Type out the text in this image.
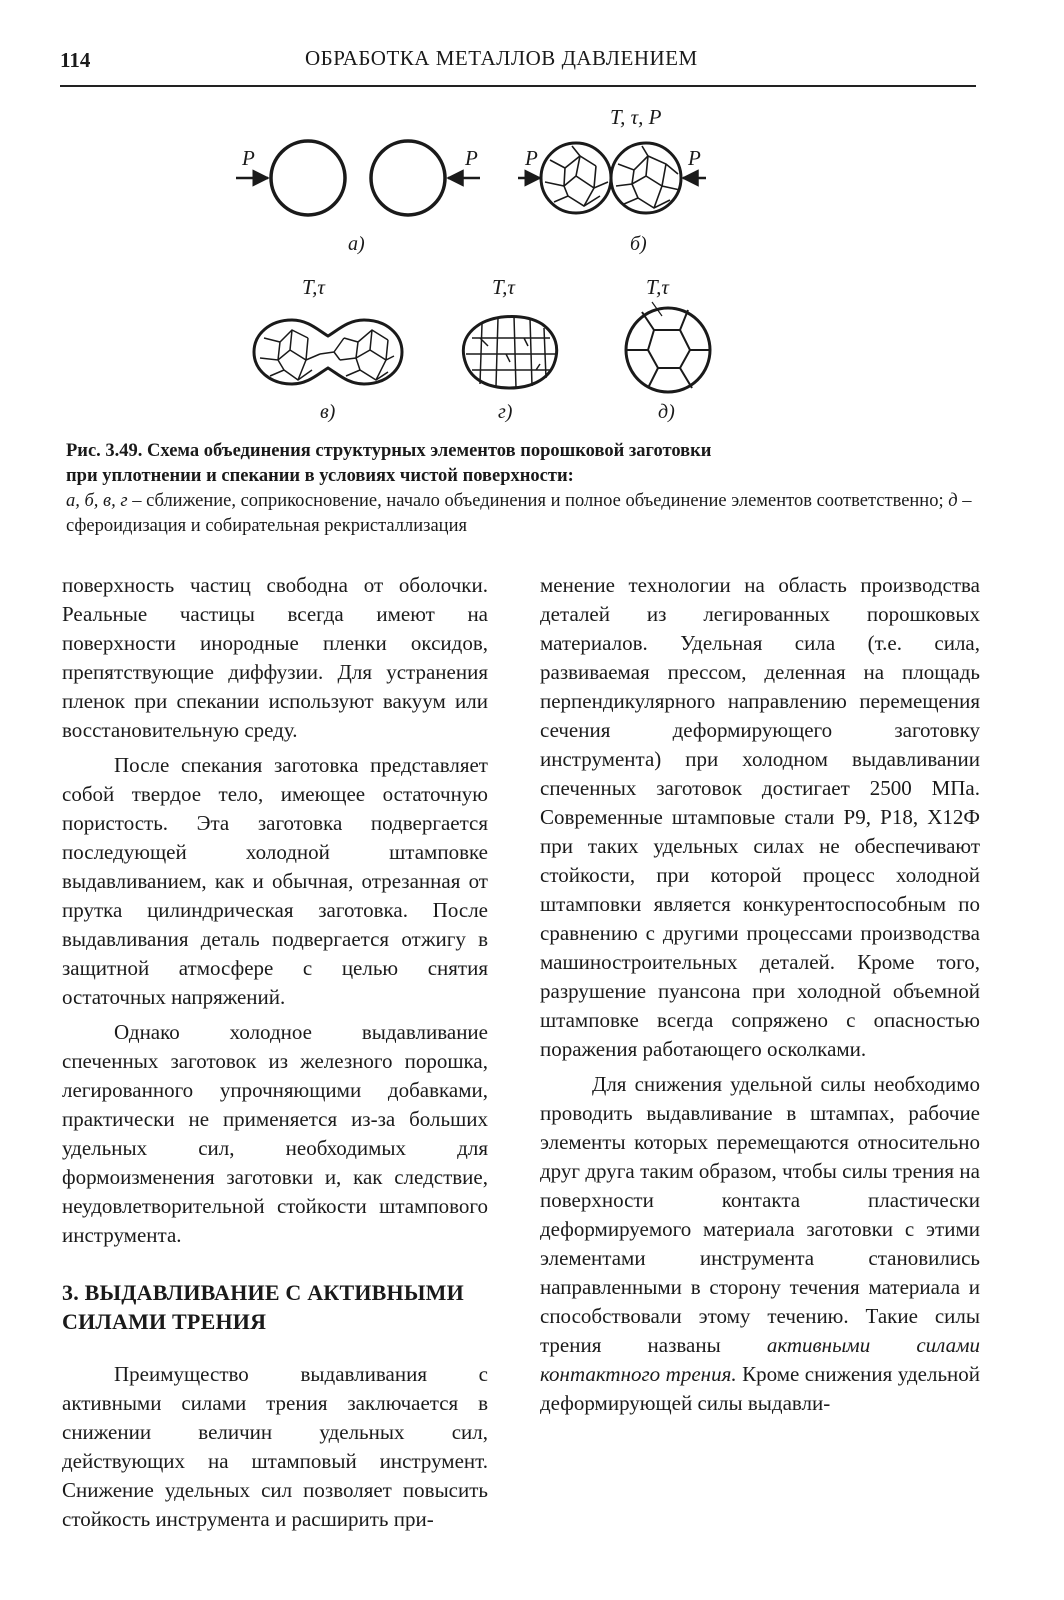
114	ОБРАБОТКА МЕТАЛЛОВ ДАВЛЕНИЕМ
P	P
а)
P	P
T, τ, P
б)
T,τ
в)
T,τ
г)
T,τ
д)
Рис. 3.49. Схема объединения структурных элементов порошковой заготовки
при уплотнении и спекании в условиях чистой поверхности:
а, б, в, г – сближение, соприкосновение, начало объединения и полное объединение элементов соответственно; д – сфероидизация и собирательная рекристаллизация

поверхность частиц свободна от оболочки. Реальные частицы всегда имеют на поверхности инородные пленки оксидов, препятствующие диффузии. Для устранения пленок при спекании используют вакуум или восстановительную среду.

После спекания заготовка представляет собой твердое тело, имеющее остаточную пористость. Эта заготовка подвергается последующей холодной штамповке выдавливанием, как и обычная, отрезанная от прутка цилиндрическая заготовка. После выдавливания деталь подвергается отжигу в защитной атмосфере с целью снятия остаточных напряжений.

Однако холодное выдавливание спеченных заготовок из железного порошка, легированного упрочняющими добавками, практически не применяется из-за больших удельных сил, необходимых для формоизменения заготовки и, как следствие, неудовлетворительной стойкости штампового инструмента.

3. ВЫДАВЛИВАНИЕ С АКТИВНЫМИ СИЛАМИ ТРЕНИЯ

Преимущество выдавливания с активными силами трения заключается в снижении величин удельных сил, действующих на штамповый инструмент. Снижение удельных сил позволяет повысить стойкость инструмента и расширить при-

менение технологии на область производства деталей из легированных порошковых материалов. Удельная сила (т.е. сила, развиваемая прессом, деленная на площадь перпендикулярного направлению перемещения сечения деформирующего заготовку инструмента) при холодном выдавливании спеченных заготовок достигает 2500 МПа. Современные штамповые стали Р9, Р18, Х12Ф при таких удельных силах не обеспечивают стойкости, при которой процесс холодной штамповки является конкурентоспособным по сравнению с другими процессами производства машиностроительных деталей. Кроме того, разрушение пуансона при холодной объемной штамповке всегда сопряжено с опасностью поражения работающего осколками.

Для снижения удельной силы необходимо проводить выдавливание в штампах, рабочие элементы которых перемещаются относительно друг друга таким образом, чтобы силы трения на поверхности контакта пластически деформируемого материала заготовки с этими элементами инструмента становились направленными в сторону течения материала и способствовали этому течению. Такие силы трения названы активными силами контактного трения. Кроме снижения удельной деформирующей силы выдавли-
